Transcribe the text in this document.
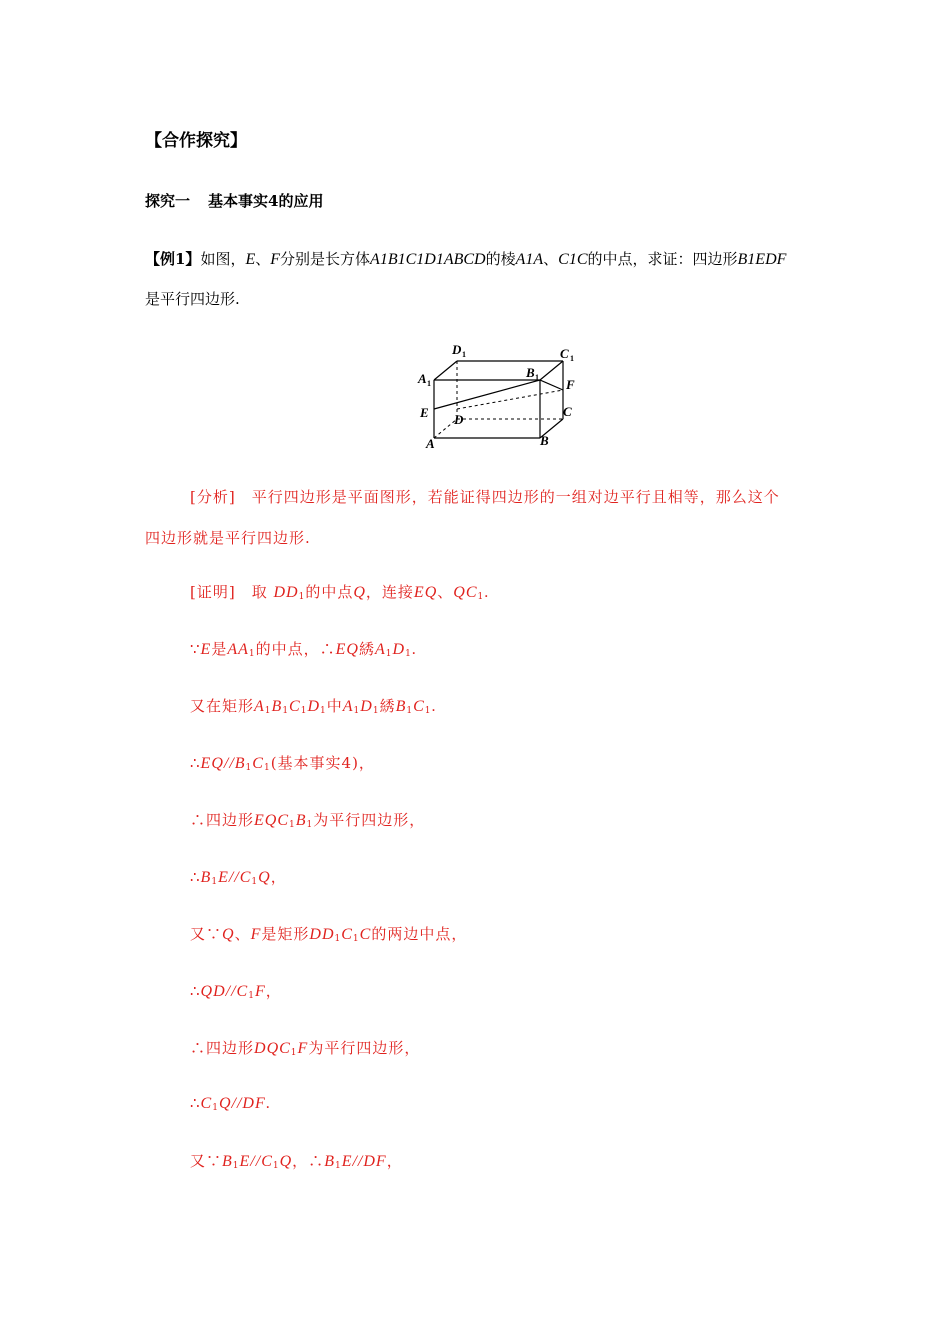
【合作探究】
探究一 基本事实4的应用
【例1】如图，E、F分别是长方体A1B1C1D1ABCD的棱A1A、C1C的中点，求证：四边形B1EDF
是平行四边形.
D 1	C 1
A 1
B 1 F
E	C
D
A	B
[分析]　平行四边形是平面图形，若能证得四边形的一组对边平行且相等，那么这个
四边形就是平行四边形.
[证明]　取 $DD_1$的中点Q，连接EQ、$QC_1$.
∵E是$AA_1$的中点，∴EQ綉$A_1D_1$.
又在矩形$A_1B_1C_1D_1$中$A_1D_1$綉$B_1C_1$.
$\therefore EQ//B_1C_1$(基本事实4)，
∴四边形$EQC_1B_1$为平行四边形，
$\therefore B_1E//C_1Q$，
又∵Q、F是矩形$DD_1C_1C$的两边中点，
$\therefore QD//C_1F$，
∴四边形$DQC_1F$为平行四边形，
$\therefore C_1Q//DF$.
又$\because B_1E//C_1Q$，$\therefore B_1E//DF$，
